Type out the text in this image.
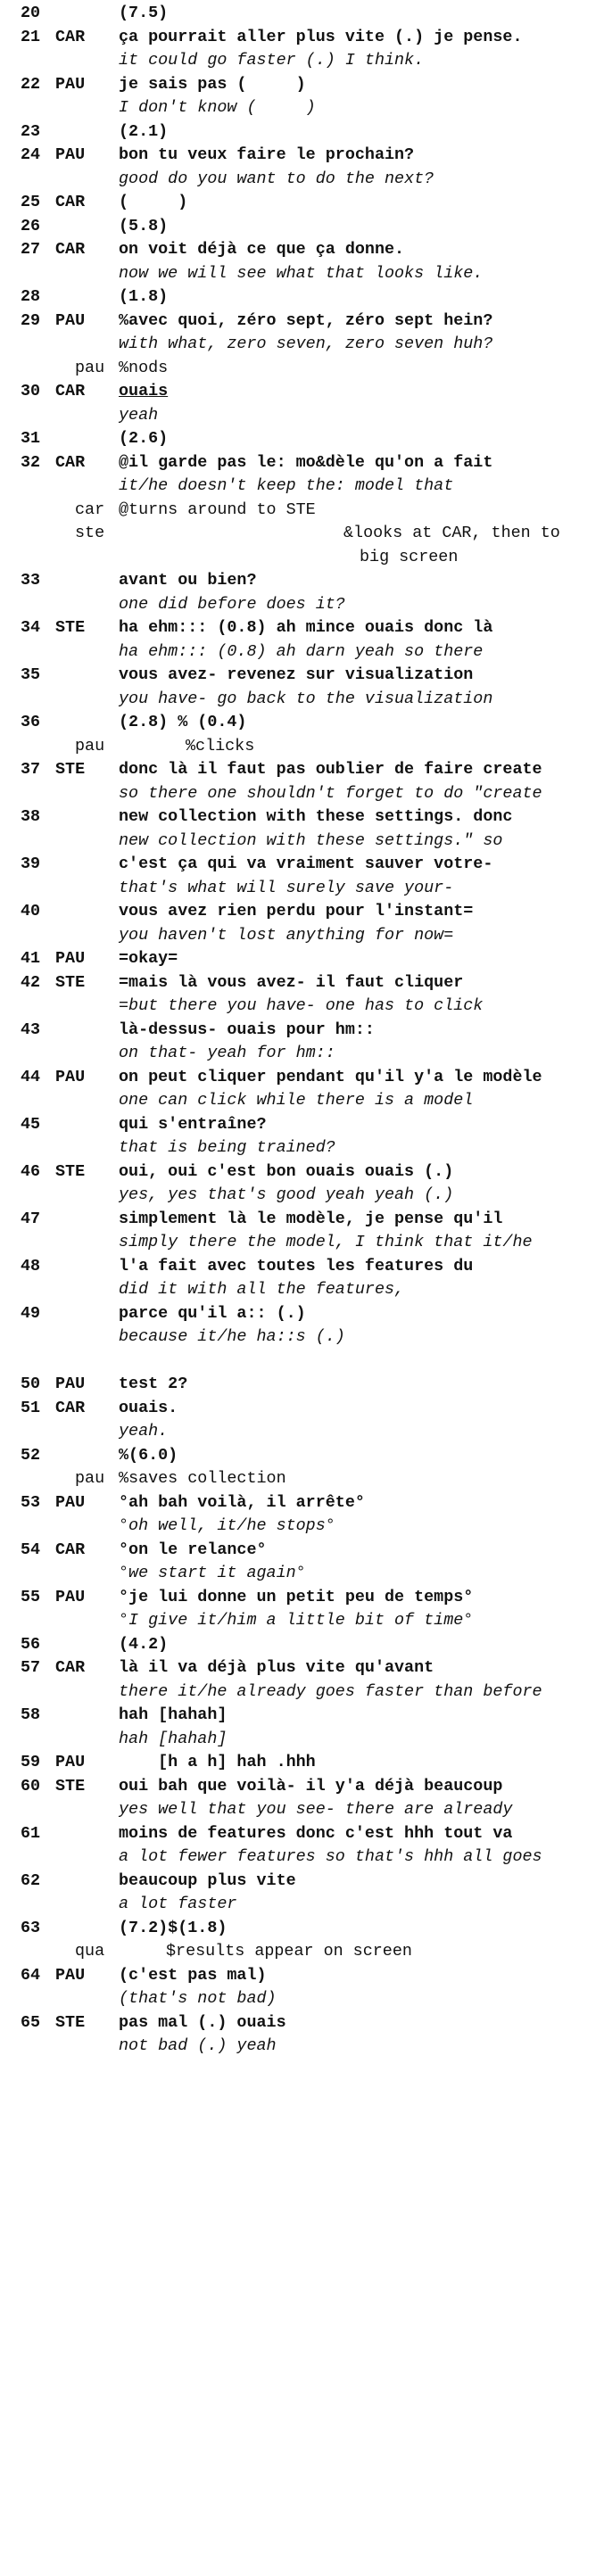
20	(7.5)
21 CAR ça pourrait aller plus vite (.) je pense.
it could go faster (.) I think.
22 PAU je sais pas (     )
I don't know (     )
23	(2.1)
24 PAU bon tu veux faire le prochain?
good do you want to do the next?
25 CAR (     )
26	(5.8)
27 CAR on voit déjà ce que ça donne.
now we will see what that looks like.
28	(1.8)
29 PAU %avec quoi, zéro sept, zéro sept hein?
with what, zero seven, zero seven huh?
pau %nods
30 CAR ouais
yeah
31	(2.6)
32 CAR @il garde pas le: mo&dèle qu'on a fait
it/he doesn't keep the: model that
car @turns around to STE
ste	&looks at CAR, then to
big screen
33	avant ou bien?
one did before does it?
34 STE ha ehm::: (0.8) ah mince ouais donc là
ha ehm::: (0.8) ah darn yeah so there
35	vous avez- revenez sur visualization
you have- go back to the visualization
36	(2.8) % (0.4)
pau	%clicks
37 STE donc là il faut pas oublier de faire create
so there one shouldn't forget to do "create
38	new collection with these settings. donc
new collection with these settings." so
39	c'est ça qui va vraiment sauver votre-
that's what will surely save your-
40	vous avez rien perdu pour l'instant=
you haven't lost anything for now=
41 PAU =okay=
42 STE =mais là vous avez- il faut cliquer
=but there you have- one has to click
43	là-dessus- ouais pour hm::
on that- yeah for hm::
44 PAU on peut cliquer pendant qu'il y'a le modèle
one can click while there is a model
45	qui s'entraîne?
that is being trained?
46 STE oui, oui c'est bon ouais ouais (.)
yes, yes that's good yeah yeah (.)
47	simplement là le modèle, je pense qu'il
simply there the model, I think that it/he
48	l'a fait avec toutes les features du
did it with all the features,
49	parce qu'il a:: (.)
because it/he ha::s (.)
50 PAU test 2?
51 CAR ouais.
yeah.
52	%(6.0)
pau %saves collection
53 PAU °ah bah voilà, il arrête°
°oh well, it/he stops°
54 CAR °on le relance°
°we start it again°
55 PAU °je lui donne un petit peu de temps°
°I give it/him a little bit of time°
56	(4.2)
57 CAR là il va déjà plus vite qu'avant
there it/he already goes faster than before
58	hah [hahah]
hah [hahah]
59 PAU [h a h] hah .hhh
60 STE oui bah que voilà- il y'a déjà beaucoup
yes well that you see- there are already
61	moins de features donc c'est hhh tout va
a lot fewer features so that's hhh all goes
62	beaucoup plus vite
a lot faster
63	(7.2)$(1.8)
qua	$results appear on screen
64 PAU (c'est pas mal)
(that's not bad)
65 STE pas mal (.) ouais
not bad (.) yeah
